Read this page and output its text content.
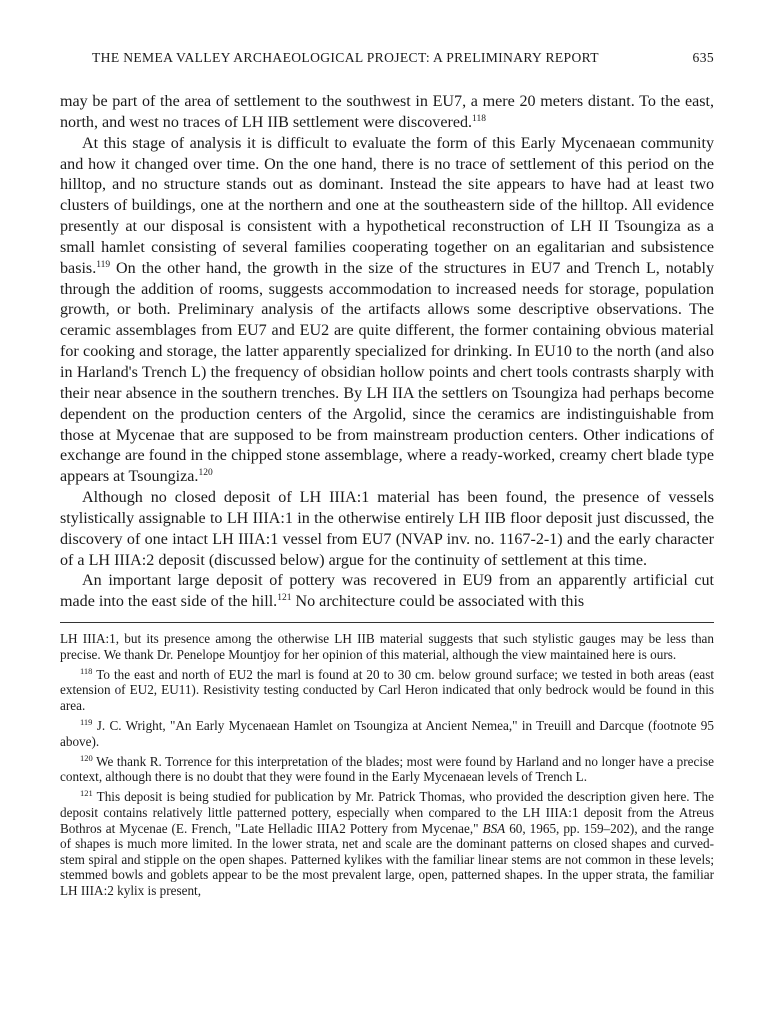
THE NEMEA VALLEY ARCHAEOLOGICAL PROJECT: A PRELIMINARY REPORT	635

may be part of the area of settlement to the southwest in EU7, a mere 20 meters distant. To the east, north, and west no traces of LH IIB settlement were discovered.$^{118}$

At this stage of analysis it is difficult to evaluate the form of this Early Mycenaean community and how it changed over time. On the one hand, there is no trace of settlement of this period on the hilltop, and no structure stands out as dominant. Instead the site appears to have had at least two clusters of buildings, one at the northern and one at the southeastern side of the hilltop. All evidence presently at our disposal is consistent with a hypothetical reconstruction of LH II Tsoungiza as a small hamlet consisting of several families cooperating together on an egalitarian and subsistence basis.$^{119}$ On the other hand, the growth in the size of the structures in EU7 and Trench L, notably through the addition of rooms, suggests accommodation to increased needs for storage, population growth, or both. Preliminary analysis of the artifacts allows some descriptive observations. The ceramic assemblages from EU7 and EU2 are quite different, the former containing obvious material for cooking and storage, the latter apparently specialized for drinking. In EU10 to the north (and also in Harland's Trench L) the frequency of obsidian hollow points and chert tools contrasts sharply with their near absence in the southern trenches. By LH IIA the settlers on Tsoungiza had perhaps become dependent on the production centers of the Argolid, since the ceramics are indistinguishable from those at Mycenae that are supposed to be from mainstream production centers. Other indications of exchange are found in the chipped stone assemblage, where a ready-worked, creamy chert blade type appears at Tsoungiza.$^{120}$

Although no closed deposit of LH IIIA:1 material has been found, the presence of vessels stylistically assignable to LH IIIA:1 in the otherwise entirely LH IIB floor deposit just discussed, the discovery of one intact LH IIIA:1 vessel from EU7 (NVAP inv. no. 1167-2-1) and the early character of a LH IIIA:2 deposit (discussed below) argue for the continuity of settlement at this time.

An important large deposit of pottery was recovered in EU9 from an apparently artificial cut made into the east side of the hill.$^{121}$ No architecture could be associated with this

LH IIIA:1, but its presence among the otherwise LH IIB material suggests that such stylistic gauges may be less than precise. We thank Dr. Penelope Mountjoy for her opinion of this material, although the view maintained here is ours.

$^{118}$ To the east and north of EU2 the marl is found at 20 to 30 cm. below ground surface; we tested in both areas (east extension of EU2, EU11). Resistivity testing conducted by Carl Heron indicated that only bedrock would be found in this area.

$^{119}$ J. C. Wright, "An Early Mycenaean Hamlet on Tsoungiza at Ancient Nemea," in Treuill and Darcque (footnote 95 above).

$^{120}$ We thank R. Torrence for this interpretation of the blades; most were found by Harland and no longer have a precise context, although there is no doubt that they were found in the Early Mycenaean levels of Trench L.

$^{121}$ This deposit is being studied for publication by Mr. Patrick Thomas, who provided the description given here. The deposit contains relatively little patterned pottery, especially when compared to the LH IIIA:1 deposit from the Atreus Bothros at Mycenae (E. French, "Late Helladic IIIA2 Pottery from Mycenae," BSA 60, 1965, pp. 159–202), and the range of shapes is much more limited. In the lower strata, net and scale are the dominant patterns on closed shapes and curved-stem spiral and stipple on the open shapes. Patterned kylikes with the familiar linear stems are not common in these levels; stemmed bowls and goblets appear to be the most prevalent large, open, patterned shapes. In the upper strata, the familiar LH IIIA:2 kylix is present,
